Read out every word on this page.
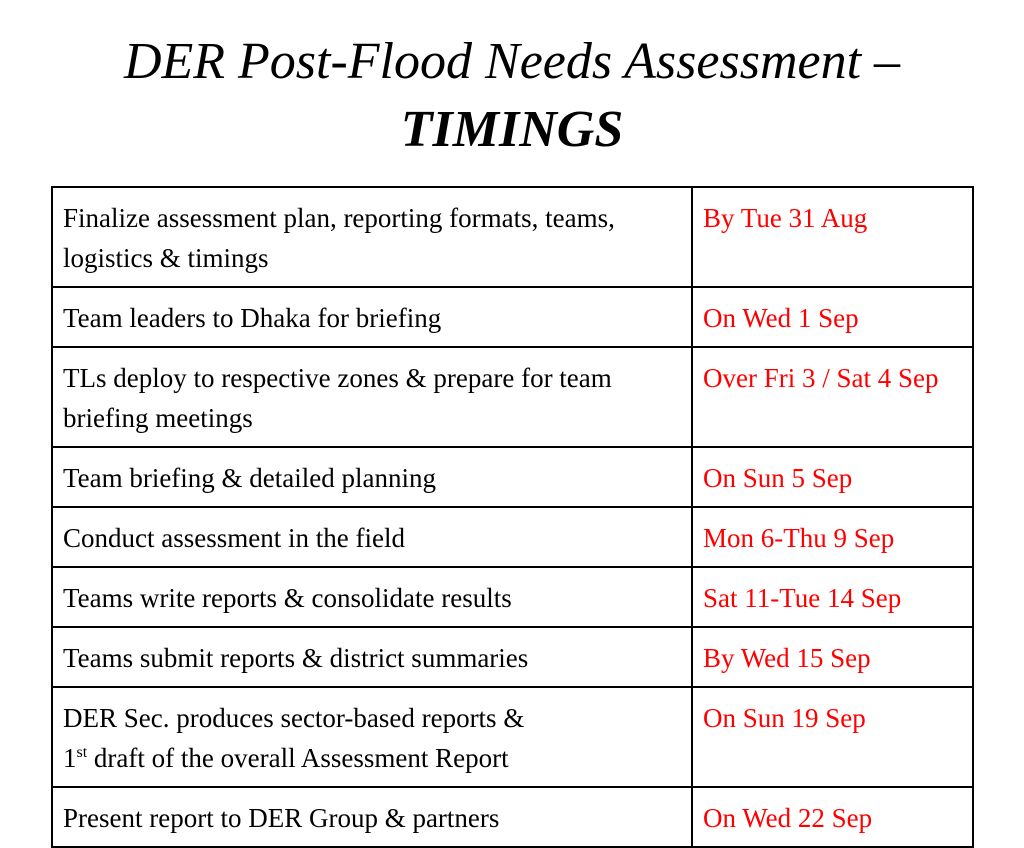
DER Post-Flood Needs Assessment –
TIMINGS
Finalize assessment plan, reporting formats, teams, logistics & timings	By Tue 31 Aug
Team leaders to Dhaka for briefing	On Wed 1 Sep
TLs deploy to respective zones & prepare for team briefing meetings	Over Fri 3 / Sat 4 Sep
Team briefing & detailed planning	On Sun 5 Sep
Conduct assessment in the field	Mon 6-Thu 9 Sep
Teams write reports & consolidate results	Sat 11-Tue 14 Sep
Teams submit reports & district summaries	By Wed 15 Sep
DER Sec. produces sector-based reports &
1st draft of the overall Assessment Report	On Sun 19 Sep
Present report to DER Group & partners	On Wed 22 Sep
